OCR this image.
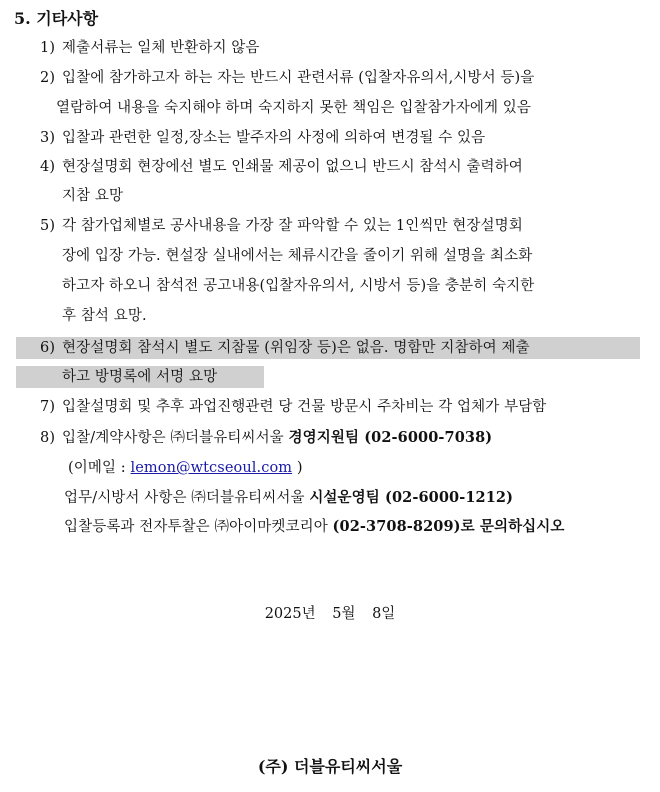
5. 기타사항
1) 제출서류는 일체 반환하지 않음
2) 입찰에 참가하고자 하는 자는 반드시 관련서류 (입찰자유의서,시방서 등)을
열람하여 내용을 숙지해야 하며 숙지하지 못한 책임은 입찰참가자에게 있음
3) 입찰과 관련한 일정,장소는 발주자의 사정에 의하여 변경될 수 있음
4) 현장설명회 현장에선 별도 인쇄물 제공이 없으니 반드시 참석시 출력하여
지참 요망
5) 각 참가업체별로 공사내용을 가장 잘 파악할 수 있는 1인씩만 현장설명회
장에 입장 가능. 현설장 실내에서는 체류시간을 줄이기 위해 설명을 최소화
하고자 하오니 참석전 공고내용(입찰자유의서, 시방서 등)을 충분히 숙지한
후 참석 요망.
6) 현장설명회 참석시 별도 지참물 (위임장 등)은 없음. 명함만 지참하여 제출
하고 방명록에 서명 요망
7) 입찰설명회 및 추후 과업진행관련 당 건물 방문시 주차비는 각 업체가 부담함
8) 입찰/계약사항은 ㈜더블유티씨서울 경영지원팀 (02-6000-7038)
(이메일 : lemon@wtcseoul.com )
업무/시방서 사항은 ㈜더블유티씨서울 시설운영팀 (02-6000-1212)
입찰등록과 전자투찰은 ㈜아이마켓코리아 (02-3708-8209)로 문의하십시오
2025년 5월 8일
(주) 더블유티씨서울
